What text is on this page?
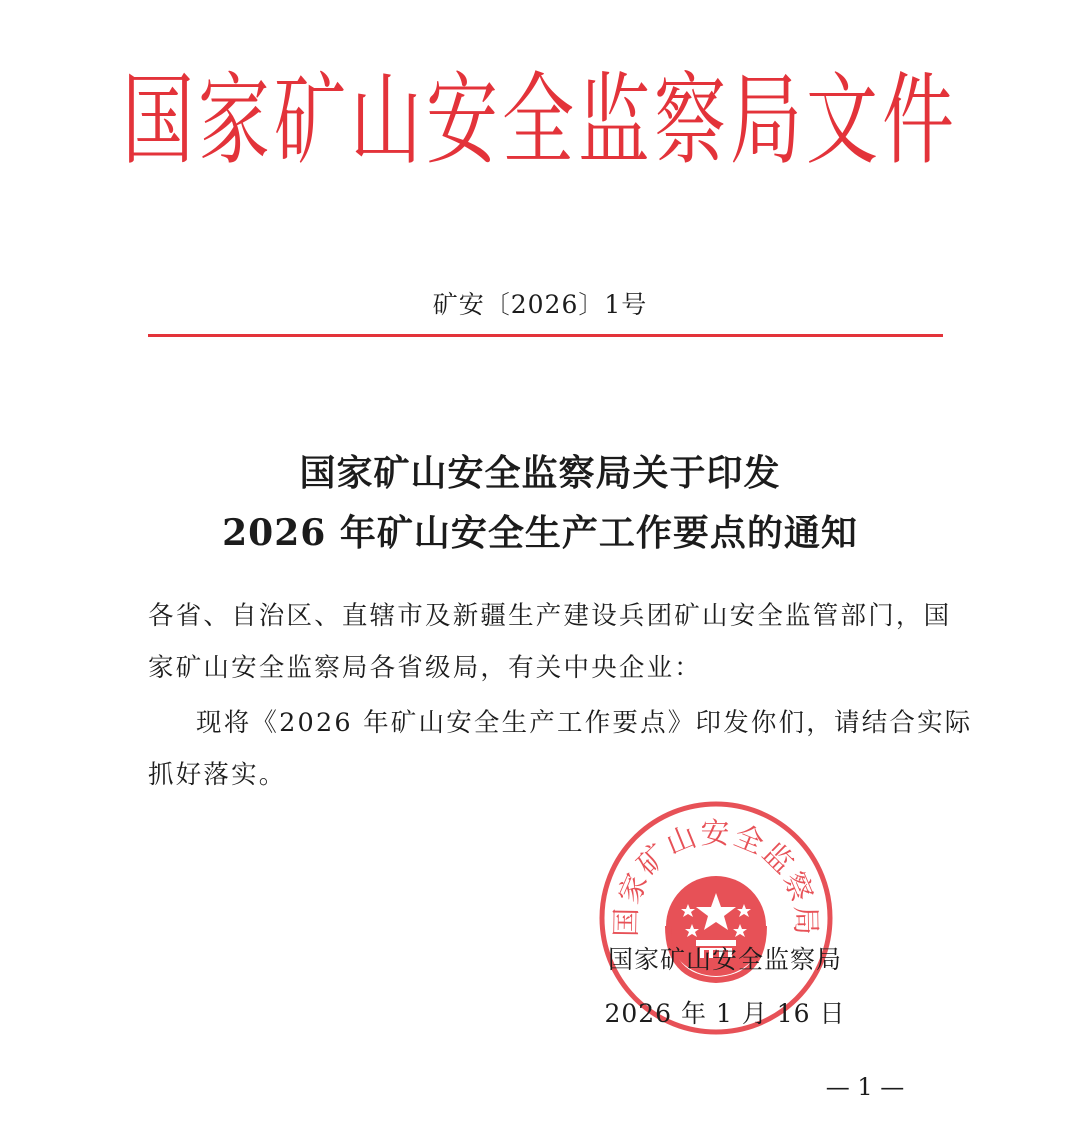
国家矿山安全监察局文件
矿安〔2026〕1号
国家矿山安全监察局关于印发
2026 年矿山安全生产工作要点的通知
各省、自治区、直辖市及新疆生产建设兵团矿山安全监管部门，国
家矿山安全监察局各省级局，有关中央企业：
现将《2026 年矿山安全生产工作要点》印发你们，请结合实际
抓好落实。
国家矿山安全监察局
国家矿山安全监察局
2026 年 1 月 16 日
— 1 —
